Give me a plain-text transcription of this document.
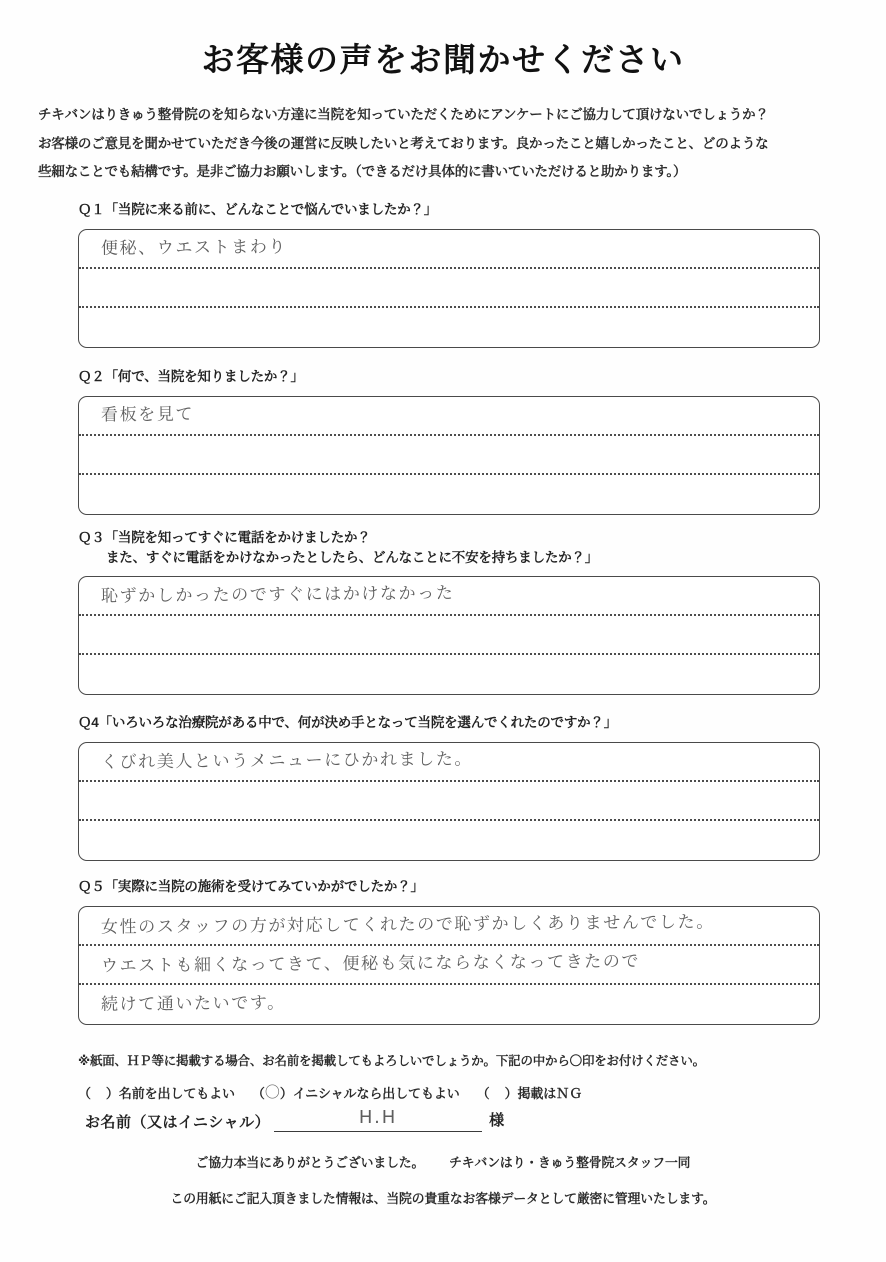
お客様の声をお聞かせください
チキバンはりきゅう整骨院のを知らない方達に当院を知っていただくためにアンケートにご協力して頂けないでしょうか？
お客様のご意見を聞かせていただき今後の運営に反映したいと考えております。良かったこと嬉しかったこと、どのような
些細なことでも結構です。是非ご協力お願いします。（できるだけ具体的に書いていただけると助かります。）
Ｑ１「当院に来る前に、どんなことで悩んでいましたか？」
便秘、ウエストまわり
Ｑ２「何で、当院を知りましたか？」
看板を見て
Ｑ３「当院を知ってすぐに電話をかけましたか？
また、すぐに電話をかけなかったとしたら、どんなことに不安を持ちましたか？」
恥ずかしかったのですぐにはかけなかった
Ｑ4「いろいろな治療院がある中で、何が決め手となって当院を選んでくれたのですか？」
くびれ美人というメニューにひかれました。
Ｑ５「実際に当院の施術を受けてみていかがでしたか？」
女性のスタッフの方が対応してくれたので恥ずかしくありませんでした。
ウエストも細くなってきて、便秘も気にならなくなってきたので
続けて通いたいです。
※紙面、ＨＰ等に掲載する場合、お名前を掲載してもよろしいでしょうか。下記の中から〇印をお付けください。
（ ） 名前を出してもよい （ 〇 ） イニシャルなら出してもよい （ ） 掲載はＮＧ
お名前（又はイニシャル）	H.H	様
ご協力本当にありがとうございました。 チキバンはり・きゅう整骨院スタッフ一同
この用紙にご記入頂きました情報は、当院の貴重なお客様データとして厳密に管理いたします。
